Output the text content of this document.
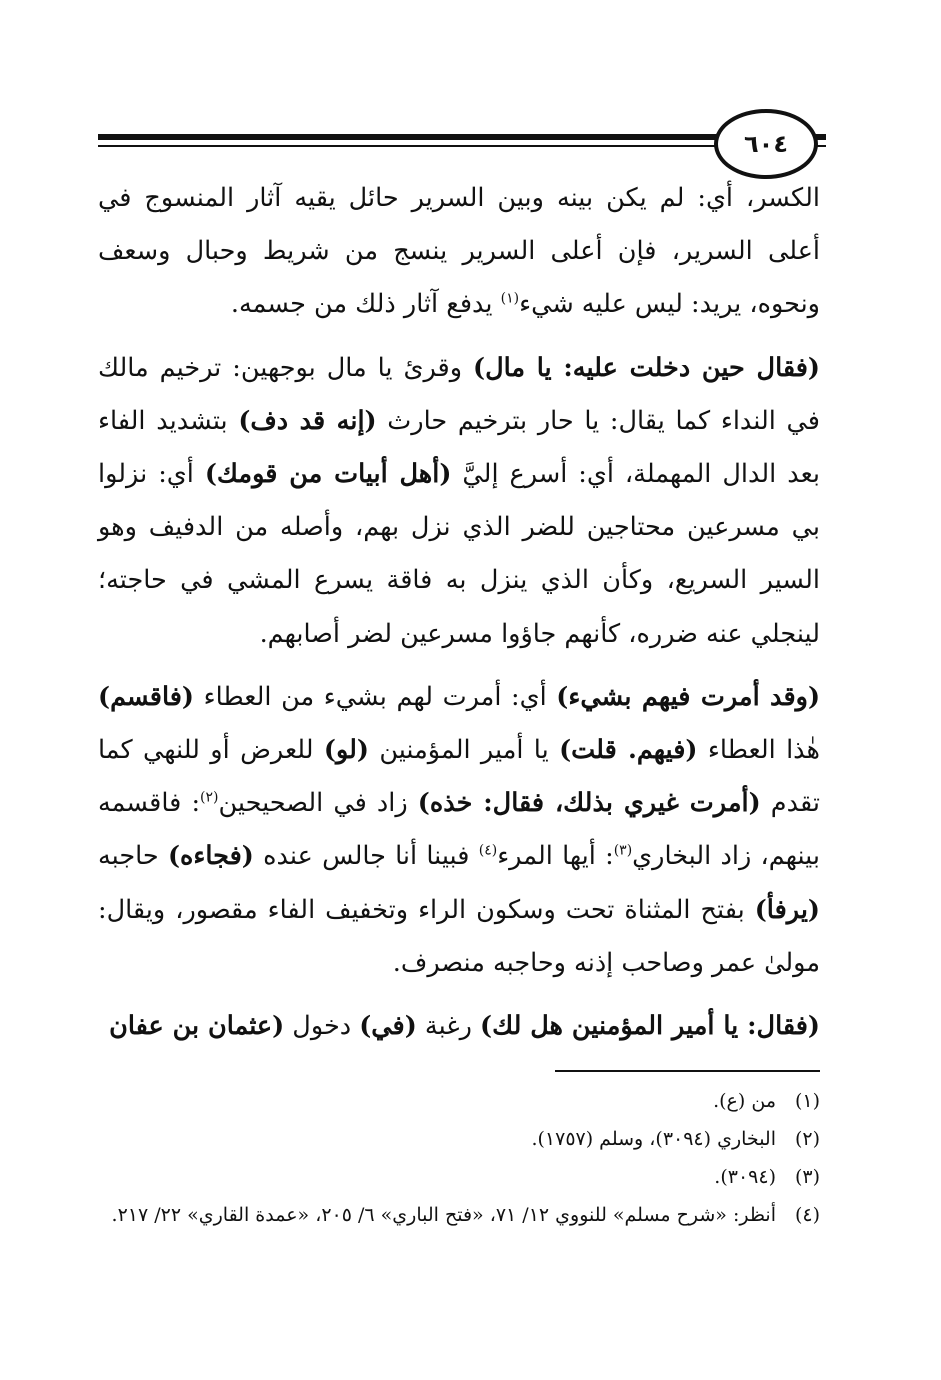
٦٠٤

الكسر، أي: لم يكن بينه وبين السرير حائل يقيه آثار المنسوج في أعلى السرير، فإن أعلى السرير ينسج من شريط وحبال وسعف ونحوه، يريد: ليس عليه شيء$^{(١)}$ يدفع آثار ذلك من جسمه.

(فقال حين دخلت عليه: يا مال) وقرئ يا مال بوجهين: ترخيم مالك في النداء كما يقال: يا حار بترخيم حارث (إنه قد دف) بتشديد الفاء بعد الدال المهملة، أي: أسرع إليَّ (أهل أبيات من قومك) أي: نزلوا بي مسرعين محتاجين للضر الذي نزل بهم، وأصله من الدفيف وهو السير السريع، وكأن الذي ينزل به فاقة يسرع المشي في حاجته؛ لينجلي عنه ضرره، كأنهم جاؤوا مسرعين لضر أصابهم.

(وقد أمرت فيهم بشيء) أي: أمرت لهم بشيء من العطاء (فاقسم) هٰذا العطاء (فيهم. قلت) يا أمير المؤمنين (لو) للعرض أو للنهي كما تقدم (أمرت غيري بذلك، فقال: خذه) زاد في الصحيحين$^{(٢)}$: فاقسمه بينهم، زاد البخاري$^{(٣)}$: أيها المرء$^{(٤)}$ فبينا أنا جالس عنده (فجاءه) حاجبه (يرفأ) بفتح المثناة تحت وسكون الراء وتخفيف الفاء مقصور، ويقال: مولىٰ عمر وصاحب إذنه وحاجبه منصرف.

(فقال: يا أمير المؤمنين هل لك) رغبة (في) دخول (عثمان بن عفان

(١)
من (ع).
(٢)
البخاري (٣٠٩٤)، وسلم (١٧٥٧).
(٣)
(٣٠٩٤).
(٤)
أنظر: «شرح مسلم» للنووي ١٢/ ٧١، «فتح الباري» ٦/ ٢٠٥، «عمدة القاري» ٢٢/ ٢١٧.
